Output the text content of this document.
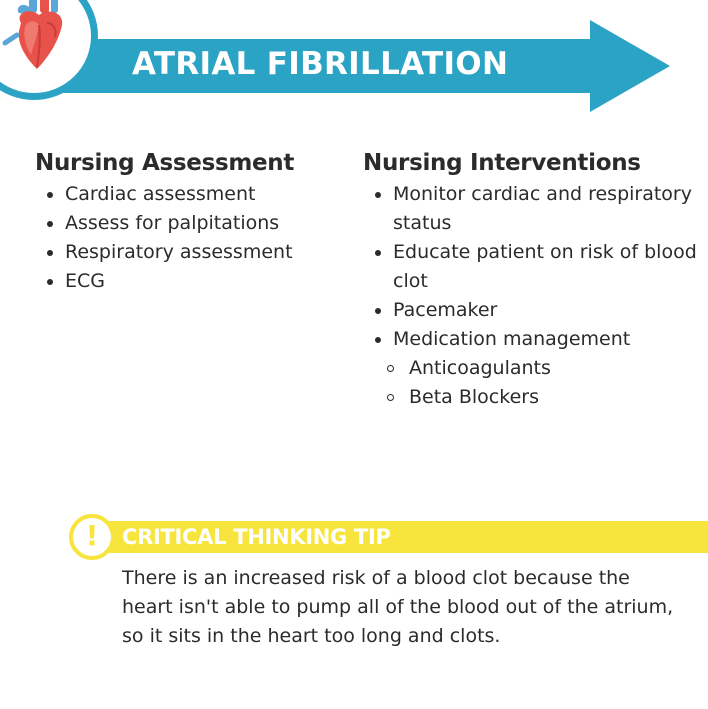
ATRIAL FIBRILLATION
Nursing Assessment
Cardiac assessment
Assess for palpitations
Respiratory assessment
ECG
Nursing Interventions
Monitor cardiac and respiratory status
Educate patient on risk of blood clot
Pacemaker
Medication management
Anticoagulants
Beta Blockers
!	CRITICAL THINKING TIP
There is an increased risk of a blood clot because the heart isn't able to pump all of the blood out of the atrium, so it sits in the heart too long and clots.
